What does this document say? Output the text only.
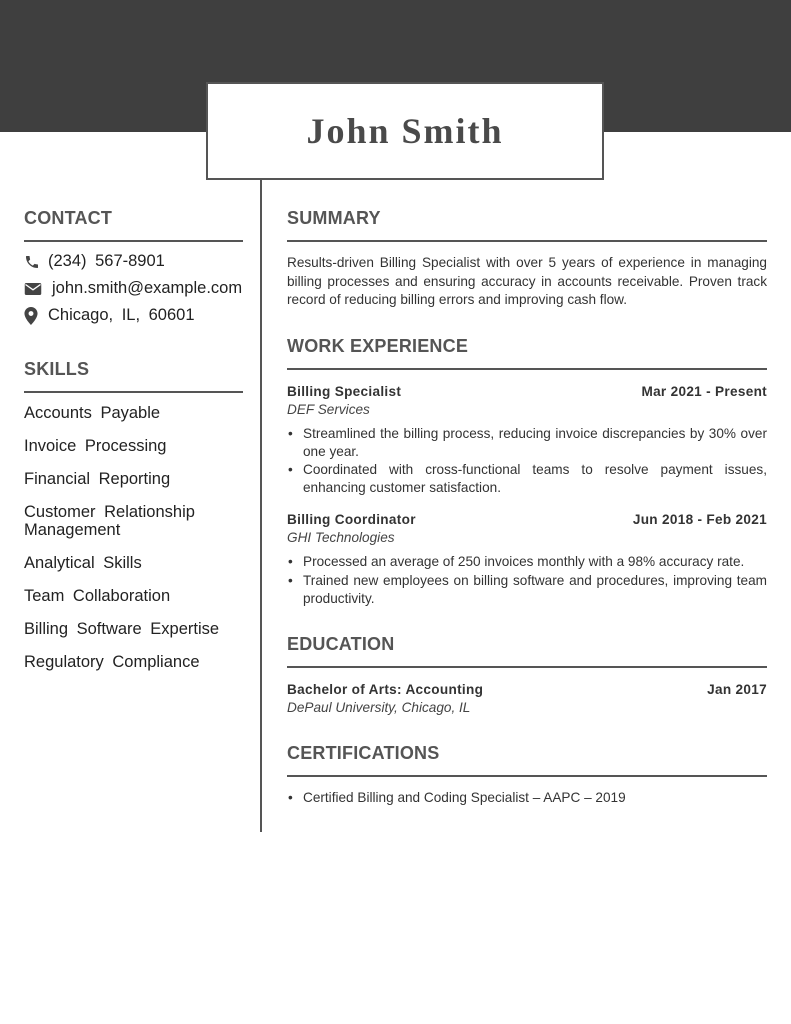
John Smith
CONTACT
(234) 567-8901
john.smith@example.com
Chicago, IL, 60601
SKILLS
Accounts Payable
Invoice Processing
Financial Reporting
Customer Relationship Management
Analytical Skills
Team Collaboration
Billing Software Expertise
Regulatory Compliance
SUMMARY

Results-driven Billing Specialist with over 5 years of experience in managing billing processes and ensuring accuracy in accounts receivable. Proven track record of reducing billing errors and improving cash flow.

WORK EXPERIENCE
Billing Specialist	Mar 2021 - Present
DEF Services
• Streamlined the billing process, reducing invoice discrepancies by 30% over one year.
• Coordinated with cross-functional teams to resolve payment issues, enhancing customer satisfaction.
Billing Coordinator	Jun 2018 - Feb 2021
GHI Technologies
• Processed an average of 250 invoices monthly with a 98% accuracy rate.
• Trained new employees on billing software and procedures, improving team productivity.
EDUCATION
Bachelor of Arts: Accounting	Jan 2017
DePaul University, Chicago, IL
CERTIFICATIONS
• Certified Billing and Coding Specialist – AAPC – 2019
